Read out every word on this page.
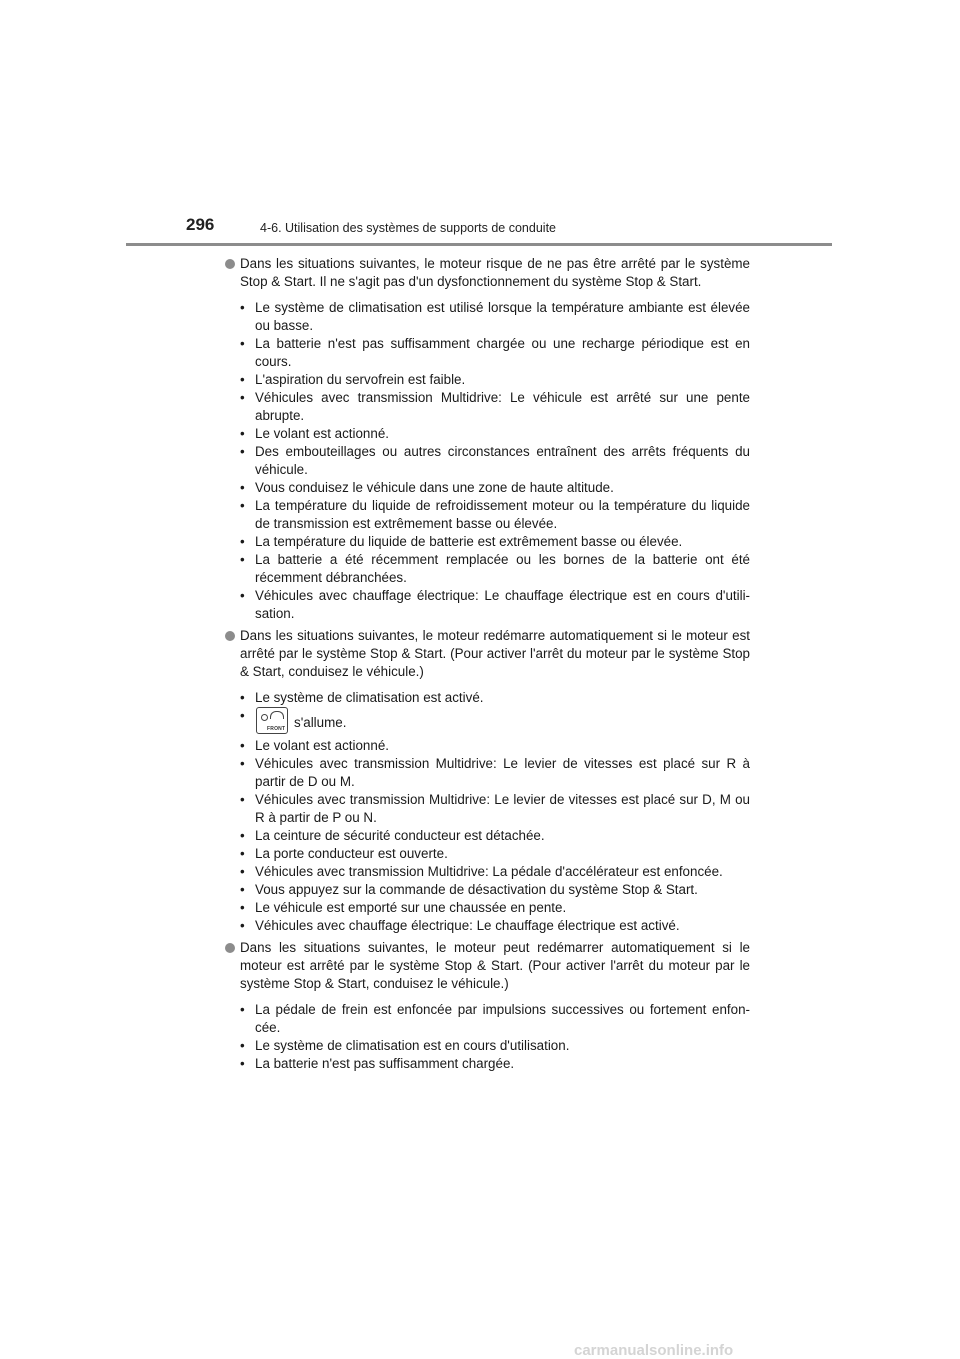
296	4-6. Utilisation des systèmes de supports de conduite

Dans les situations suivantes, le moteur risque de ne pas être arrêté par le système Stop & Start. Il ne s'agit pas d'un dysfonctionnement du système Stop & Start.

• Le système de climatisation est utilisé lorsque la température ambiante est élevée ou basse.
• La batterie n'est pas suffisamment chargée ou une recharge périodique est en cours.
• L'aspiration du servofrein est faible.
• Véhicules avec transmission Multidrive: Le véhicule est arrêté sur une pente abrupte.
• Le volant est actionné.
• Des embouteillages ou autres circonstances entraînent des arrêts fréquents du véhicule.
• Vous conduisez le véhicule dans une zone de haute altitude.
• La température du liquide de refroidissement moteur ou la température du liquide de transmission est extrêmement basse ou élevée.
• La température du liquide de batterie est extrêmement basse ou élevée.
• La batterie a été récemment remplacée ou les bornes de la batterie ont été récemment débranchées.
• Véhicules avec chauffage électrique: Le chauffage électrique est en cours d'utili-sation.

Dans les situations suivantes, le moteur redémarre automatiquement si le moteur est arrêté par le système Stop & Start. (Pour activer l'arrêt du moteur par le système Stop & Start, conduisez le véhicule.)

• Le système de climatisation est activé.
•
FRONT s'allume.
• Le volant est actionné.
• Véhicules avec transmission Multidrive: Le levier de vitesses est placé sur R à partir de D ou M.
• Véhicules avec transmission Multidrive: Le levier de vitesses est placé sur D, M ou R à partir de P ou N.
• La ceinture de sécurité conducteur est détachée.
• La porte conducteur est ouverte.
• Véhicules avec transmission Multidrive: La pédale d'accélérateur est enfoncée.
• Vous appuyez sur la commande de désactivation du système Stop & Start.
• Le véhicule est emporté sur une chaussée en pente.
• Véhicules avec chauffage électrique: Le chauffage électrique est activé.

Dans les situations suivantes, le moteur peut redémarrer automatiquement si le moteur est arrêté par le système Stop & Start. (Pour activer l'arrêt du moteur par le système Stop & Start, conduisez le véhicule.)

• La pédale de frein est enfoncée par impulsions successives ou fortement enfon-cée.
• Le système de climatisation est en cours d'utilisation.
• La batterie n'est pas suffisamment chargée.
carmanualsonline.info
